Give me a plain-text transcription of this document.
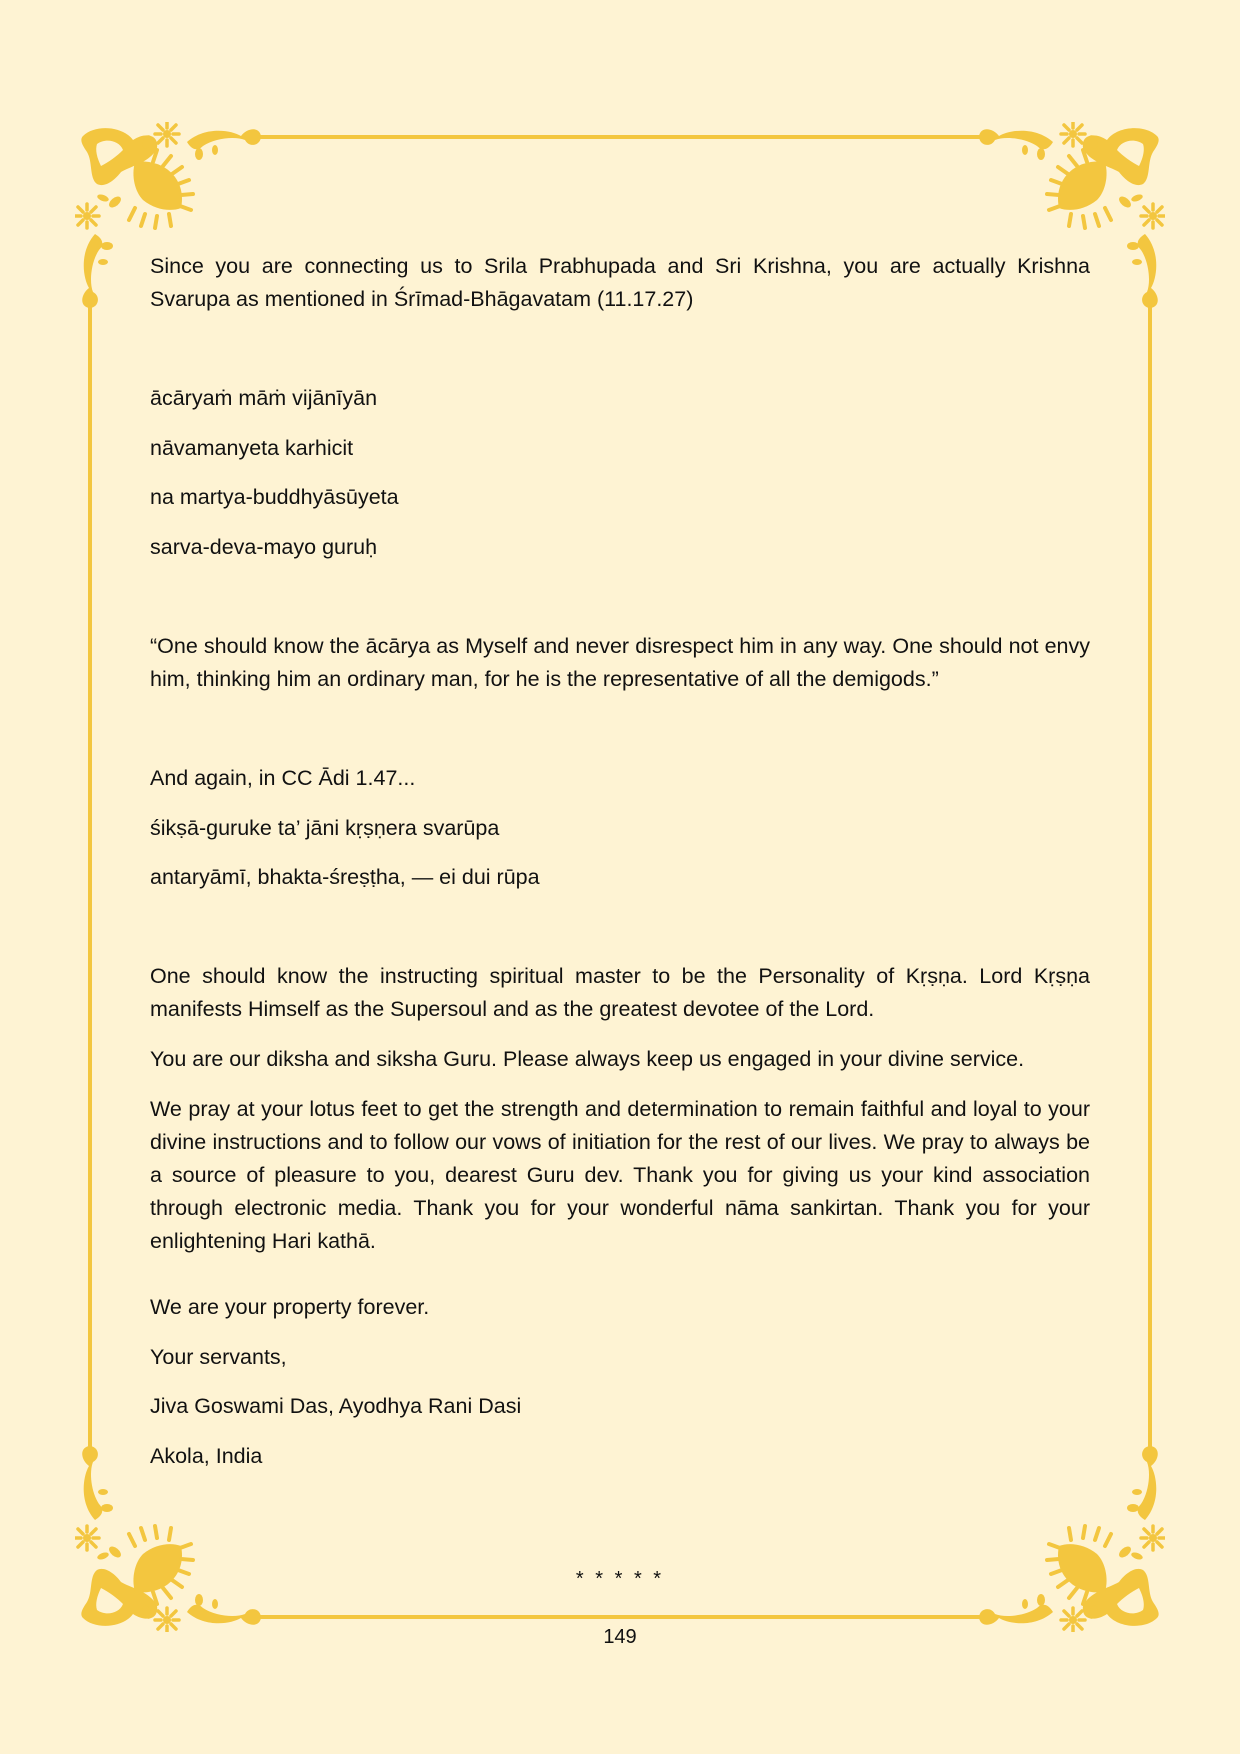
Since you are connecting us to Srila Prabhupada and Sri Krishna, you are actually Krishna Svarupa as mentioned in Śrīmad-Bhāgavatam (11.17.27)

ācāryaṁ māṁ vijānīyān

nāvamanyeta karhicit

na martya-buddhyāsūyeta

sarva-deva-mayo guruḥ

“One should know the ācārya as Myself and never disrespect him in any way. One should not envy him, thinking him an ordinary man, for he is the representative of all the demigods.”

And again, in CC Ādi 1.47...

śikṣā-guruke ta’ jāni kṛṣṇera svarūpa

antaryāmī, bhakta-śreṣṭha, — ei dui rūpa

One should know the instructing spiritual master to be the Personality of Kṛṣṇa. Lord Kṛṣṇa manifests Himself as the Supersoul and as the greatest devotee of the Lord.

You are our diksha and siksha Guru. Please always keep us engaged in your divine service.

We pray at your lotus feet to get the strength and determination to remain faithful and loyal to your divine instructions and to follow our vows of initiation for the rest of our lives. We pray to always be a source of pleasure to you, dearest Guru dev. Thank you for giving us your kind association through electronic media. Thank you for your wonderful nāma sankirtan. Thank you for your enlightening Hari kathā.

We are your property forever.

Your servants,

Jiva Goswami Das, Ayodhya Rani Dasi

Akola, India

* * * * *
149
